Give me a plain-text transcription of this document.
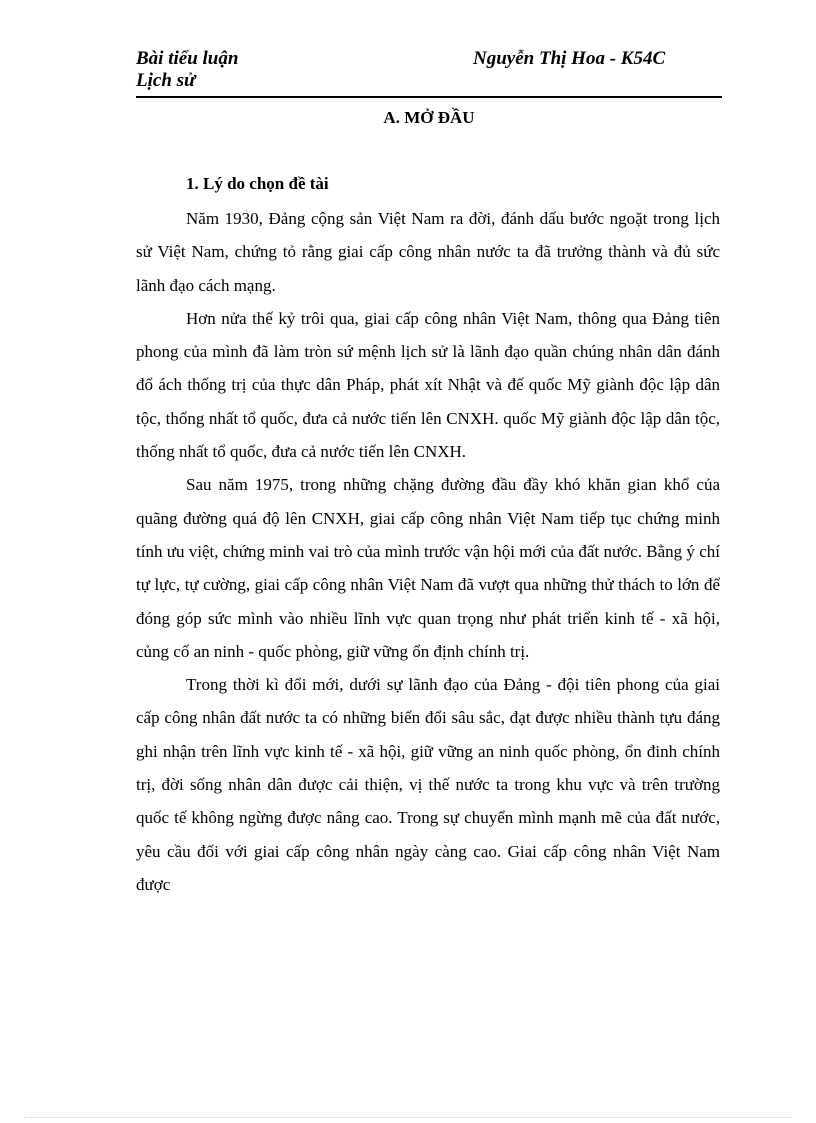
Bài tiểu luận
Lịch sử
Nguyễn Thị Hoa - K54C
A. MỞ ĐẦU
1. Lý do chọn đề tài

Năm 1930, Đảng cộng sản Việt Nam ra đời, đánh dấu bước ngoặt trong lịch sử Việt Nam, chứng tỏ rằng giai cấp công nhân nước ta đã trưởng thành và đủ sức lãnh đạo cách mạng.

Hơn nửa thế kỷ trôi qua, giai cấp công nhân Việt Nam, thông qua Đảng tiên phong của mình đã làm tròn sứ mệnh lịch sử là lãnh đạo quần chúng nhân dân đánh đổ ách thống trị của thực dân Pháp, phát xít Nhật và đế quốc Mỹ giành độc lập dân tộc, thống nhất tổ quốc, đưa cả nước tiến lên CNXH. quốc Mỹ giành độc lập dân tộc, thống nhất tổ quốc, đưa cả nước tiến lên CNXH.

Sau năm 1975, trong những chặng đường đầu đầy khó khăn gian khổ của quãng đường quá độ lên CNXH, giai cấp công nhân Việt Nam tiếp tục chứng minh tính ưu việt, chứng minh vai trò của mình trước vận hội mới của đất nước. Bằng ý chí tự lực, tự cường, giai cấp công nhân Việt Nam đã vượt qua những thử thách to lớn để đóng góp sức mình vào nhiều lĩnh vực quan trọng như phát triển kinh tế - xã hội, củng cố an ninh - quốc phòng, giữ vững ổn định chính trị.

Trong thời kì đổi mới, dưới sự lãnh đạo của Đảng - đội tiên phong của giai cấp công nhân đất nước ta có những biến đổi sâu sắc, đạt được nhiều thành tựu đáng ghi nhận trên lĩnh vực kinh tế - xã hội, giữ vững an ninh quốc phòng, ổn đinh chính trị, đời sống nhân dân được cải thiện, vị thế nước ta trong khu vực và trên trường quốc tế không ngừng được nâng cao. Trong sự chuyển mình mạnh mẽ của đất nước, yêu cầu đối với giai cấp công nhân ngày càng cao. Giai cấp công nhân Việt Nam được
